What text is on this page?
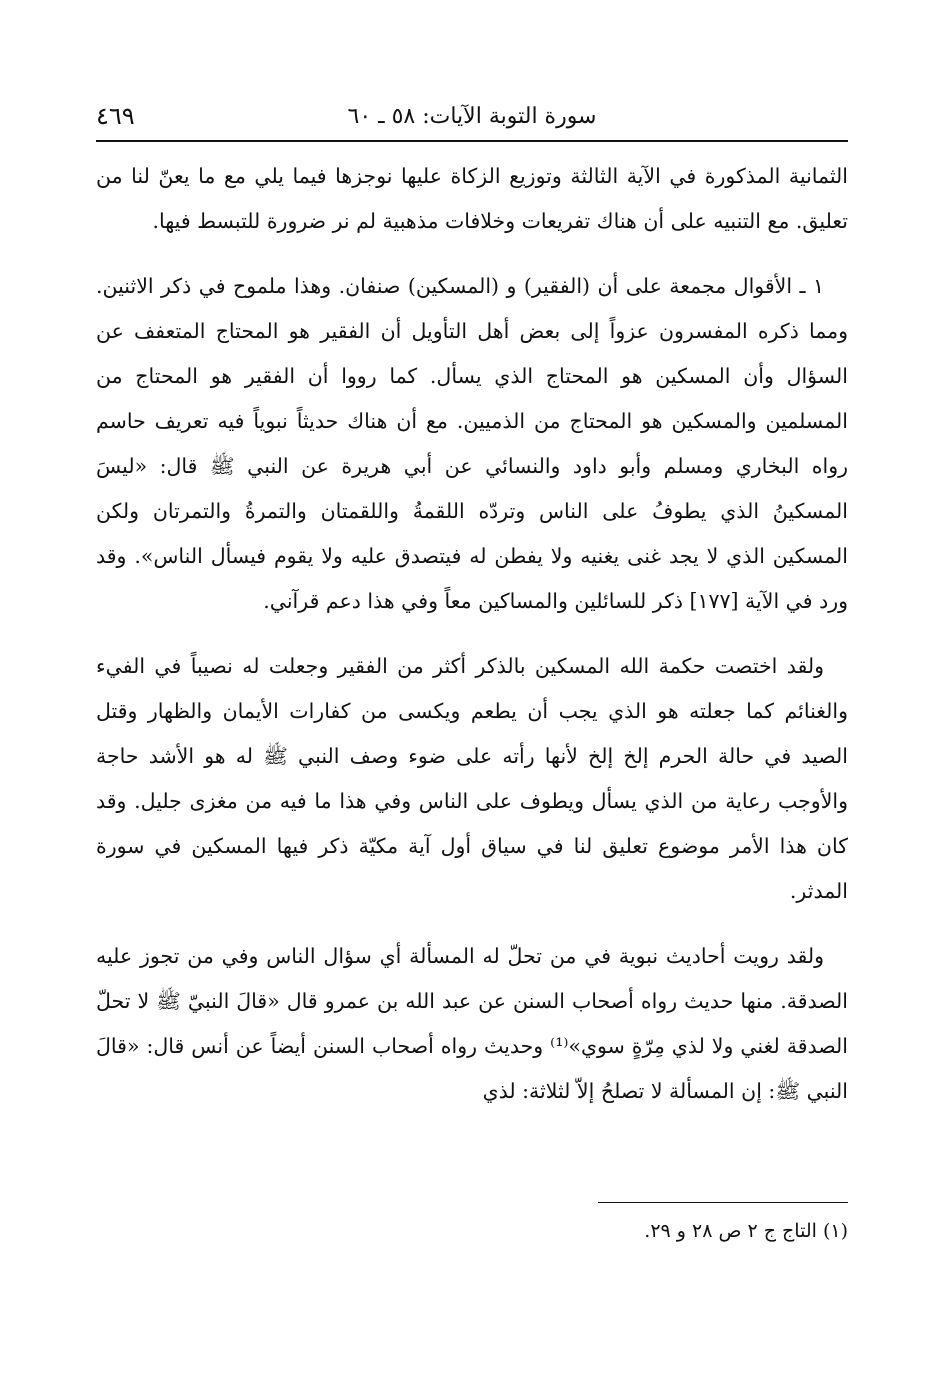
سورة التوبة الآيات: ٥٨ ـ ٦٠
٤٦٩

الثمانية المذكورة في الآية الثالثة وتوزيع الزكاة عليها نوجزها فيما يلي مع ما يعنّ لنا من تعليق. مع التنبيه على أن هناك تفريعات وخلافات مذهبية لم نر ضرورة للتبسط فيها.

١ ـ الأقوال مجمعة على أن (الفقير) و (المسكين) صنفان. وهذا ملموح في ذكر الاثنين. ومما ذكره المفسرون عزواً إلى بعض أهل التأويل أن الفقير هو المحتاج المتعفف عن السؤال وأن المسكين هو المحتاج الذي يسأل. كما رووا أن الفقير هو المحتاج من المسلمين والمسكين هو المحتاج من الذميين. مع أن هناك حديثاً نبوياً فيه تعريف حاسم رواه البخاري ومسلم وأبو داود والنسائي عن أبي هريرة عن النبي ﷺ قال: «ليسَ المسكينُ الذي يطوفُ على الناس وتردّه اللقمةُ واللقمتان والتمرةُ والتمرتان ولكن المسكين الذي لا يجد غنى يغنيه ولا يفطن له فيتصدق عليه ولا يقوم فيسأل الناس». وقد ورد في الآية [١٧٧] ذكر للسائلين والمساكين معاً وفي هذا دعم قرآني.

ولقد اختصت حكمة الله المسكين بالذكر أكثر من الفقير وجعلت له نصيباً في الفيء والغنائم كما جعلته هو الذي يجب أن يطعم ويكسى من كفارات الأيمان والظهار وقتل الصيد في حالة الحرم إلخ إلخ لأنها رأته على ضوء وصف النبي ﷺ له هو الأشد حاجة والأوجب رعاية من الذي يسأل ويطوف على الناس وفي هذا ما فيه من مغزى جليل. وقد كان هذا الأمر موضوع تعليق لنا في سياق أول آية مكيّة ذكر فيها المسكين في سورة المدثر.

ولقد رويت أحاديث نبوية في من تحلّ له المسألة أي سؤال الناس وفي من تجوز عليه الصدقة. منها حديث رواه أصحاب السنن عن عبد الله بن عمرو قال «قالَ النبيّ ﷺ لا تحلّ الصدقة لغني ولا لذي مِرّةٍ سوي»⁽¹⁾ وحديث رواه أصحاب السنن أيضاً عن أنس قال: «قالَ النبي ﷺ: إن المسألة لا تصلحُ إلاّ لثلاثة: لذي

(١) التاج ج ٢ ص ٢٨ و ٢٩.
